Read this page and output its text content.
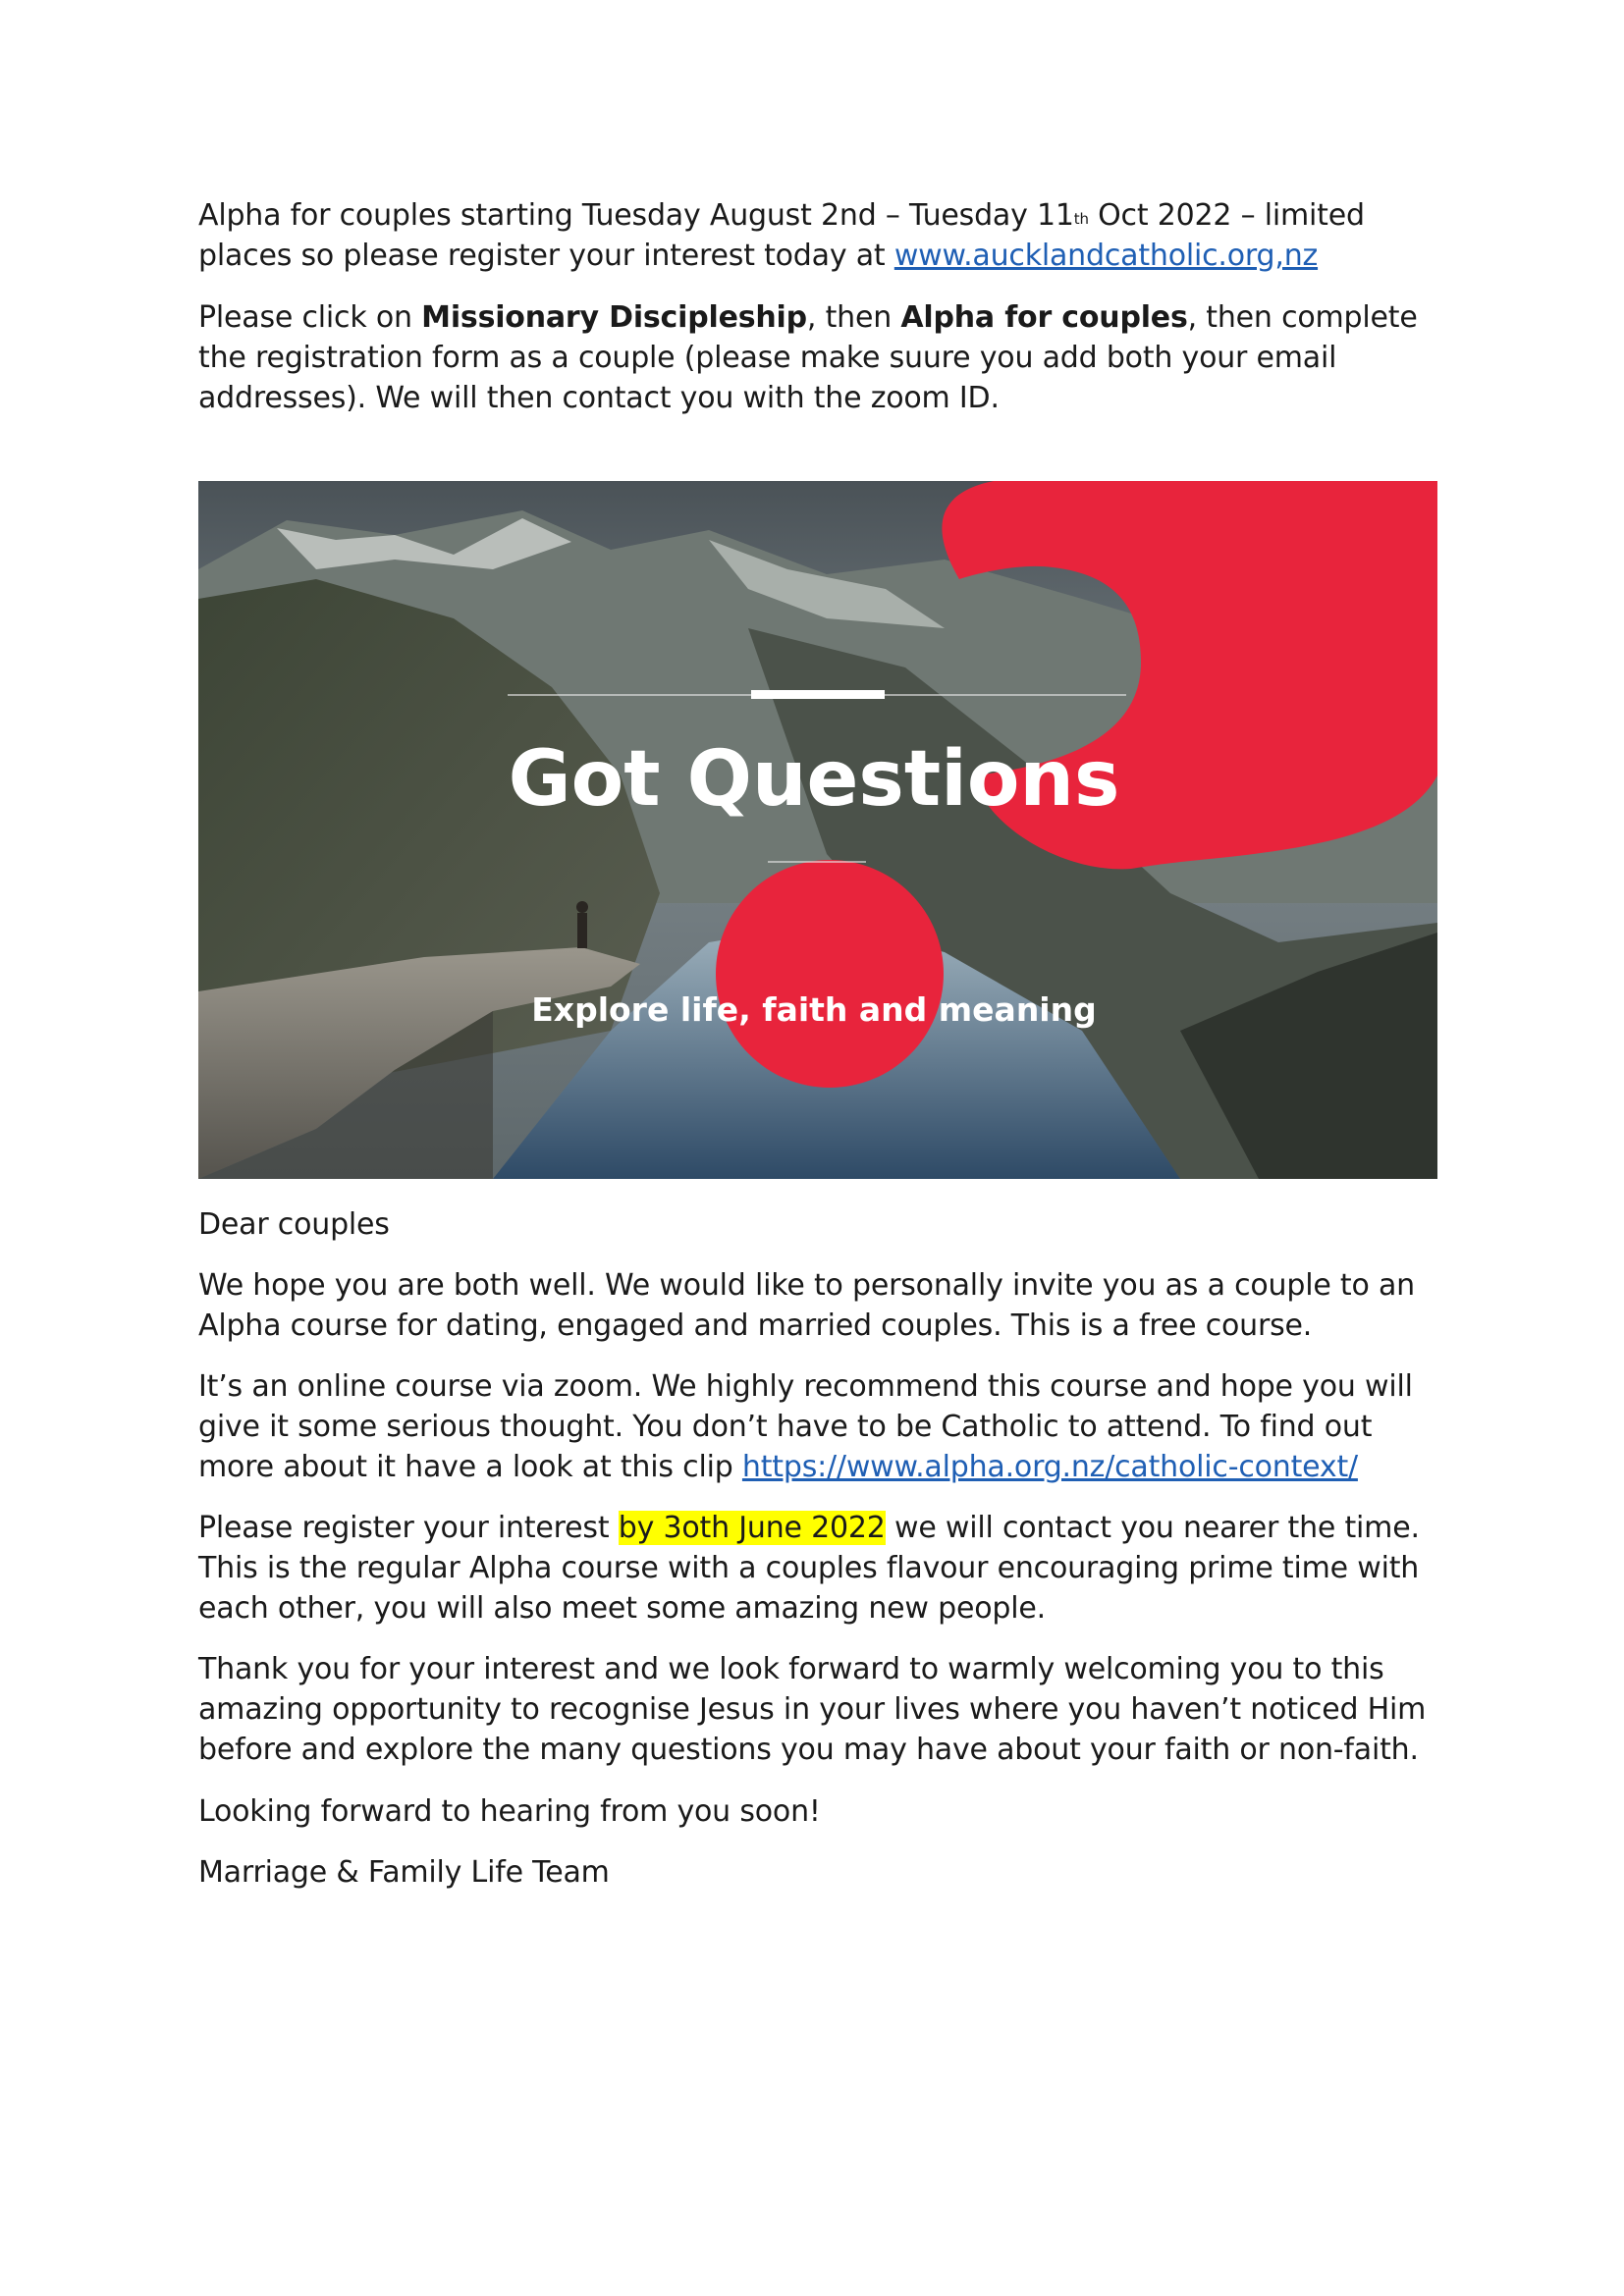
Alpha for couples starting Tuesday August 2nd – Tuesday 11th Oct 2022 – limited
places so please register your interest today at www.aucklandcatholic.org,nz

Please click on Missionary Discipleship, then Alpha for couples, then complete the registration form as a couple (please make suure you add both your email addresses). We will then contact you with the zoom ID.

Got Questions
Explore life, faith and meaning

Dear couples

We hope you are both well. We would like to personally invite you as a couple to an Alpha course for dating, engaged and married couples. This is a free course.

It’s an online course via zoom. We highly recommend this course and hope you will give it some serious thought. You don’t have to be Catholic to attend. To find out more about it have a look at this clip https://www.alpha.org.nz/catholic-context/

Please register your interest by 3oth June 2022 we will contact you nearer the time. This is the regular Alpha course with a couples flavour encouraging prime time with each other, you will also meet some amazing new people.

Thank you for your interest and we look forward to warmly welcoming you to this amazing opportunity to recognise Jesus in your lives where you haven’t noticed Him before and explore the many questions you may have about your faith or non-faith.

Looking forward to hearing from you soon!

Marriage & Family Life Team
